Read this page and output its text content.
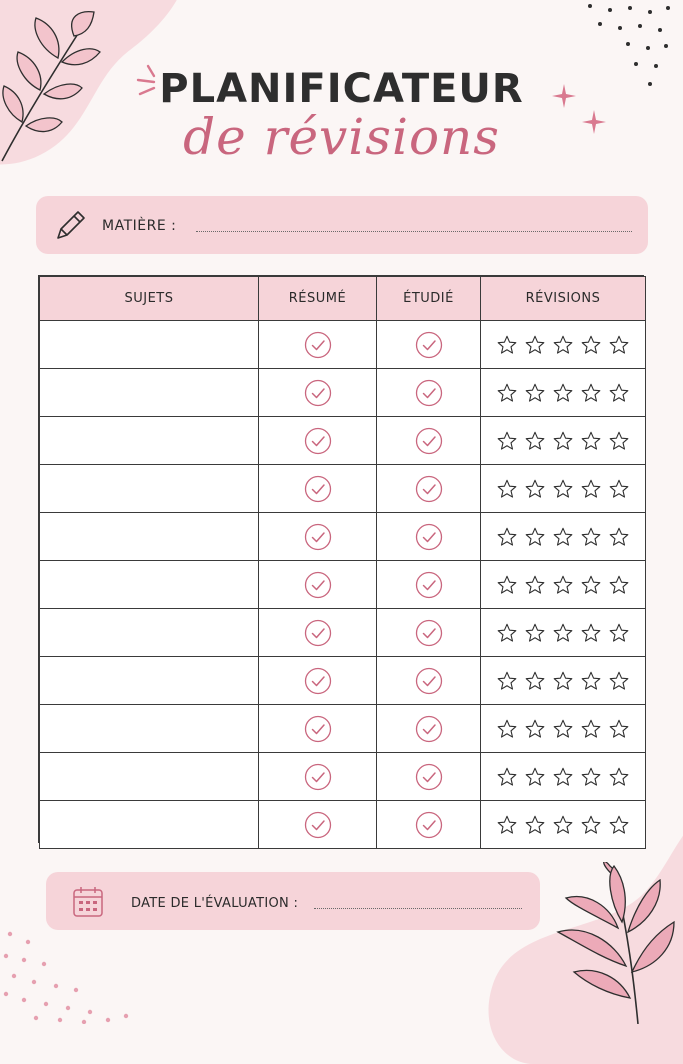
PLANIFICATEUR
de révisions
MATIÈRE :
SUJETS	RÉSUMÉ	ÉTUDIÉ	RÉVISIONS

DATE DE L'ÉVALUATION :
